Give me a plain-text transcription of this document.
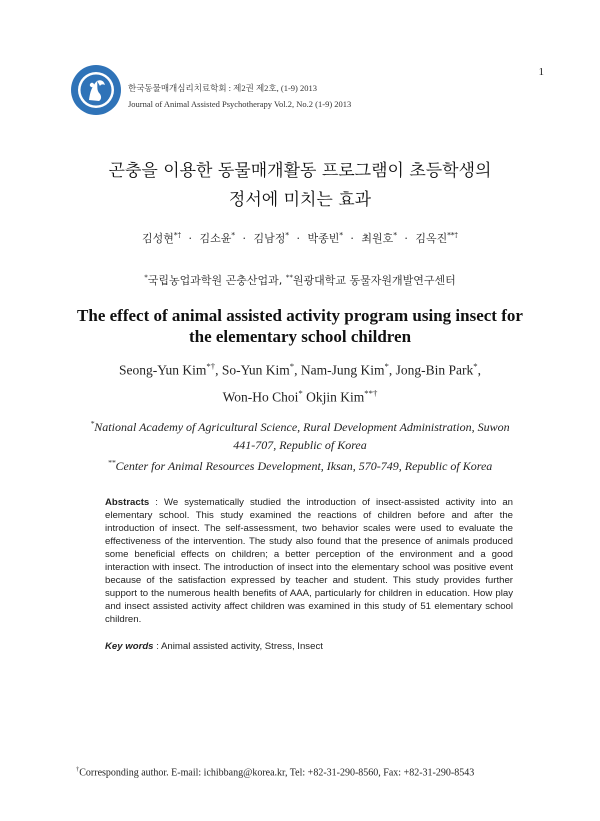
1
한국동물매개심리치료학회 : 제2권 제2호, (1-9) 2013
Journal of Animal Assisted Psychotherapy Vol.2, No.2 (1-9) 2013
곤충을 이용한 동물매개활동 프로그램이 초등학생의
정서에 미치는 효과
김성현*† · 김소윤* · 김남정* · 박종빈* · 최원호* · 김옥진**†
*국립농업과학원 곤충산업과, **원광대학교 동물자원개발연구센터
The effect of animal assisted activity program using insect for
the elementary school children
Seong-Yun Kim*†, So-Yun Kim*, Nam-Jung Kim*, Jong-Bin Park*,
Won-Ho Choi* Okjin Kim**†
*National Academy of Agricultural Science, Rural Development Administration, Suwon
441-707, Republic of Korea
**Center for Animal Resources Development, Iksan, 570-749, Republic of Korea
Abstracts : We systematically studied the introduction of insect-assisted activity into an elementary school. This study examined the reactions of children before and after the introduction of insect. The self-assessment, two behavior scales were used to evaluate the effectiveness of the intervention. The study also found that the presence of animals produced some beneficial effects on children; a better perception of the environment and a good interaction with insect. The introduction of insect into the elementary school was positive event because of the satisfaction expressed by teacher and student. This study provides further support to the numerous health benefits of AAA, particularly for children in education. How play and insect assisted activity affect children was examined in this study of 51 elementary school children.
Key words : Animal assisted activity, Stress, Insect
†Corresponding author. E-mail: ichibbang@korea.kr, Tel: +82-31-290-8560, Fax: +82-31-290-8543
